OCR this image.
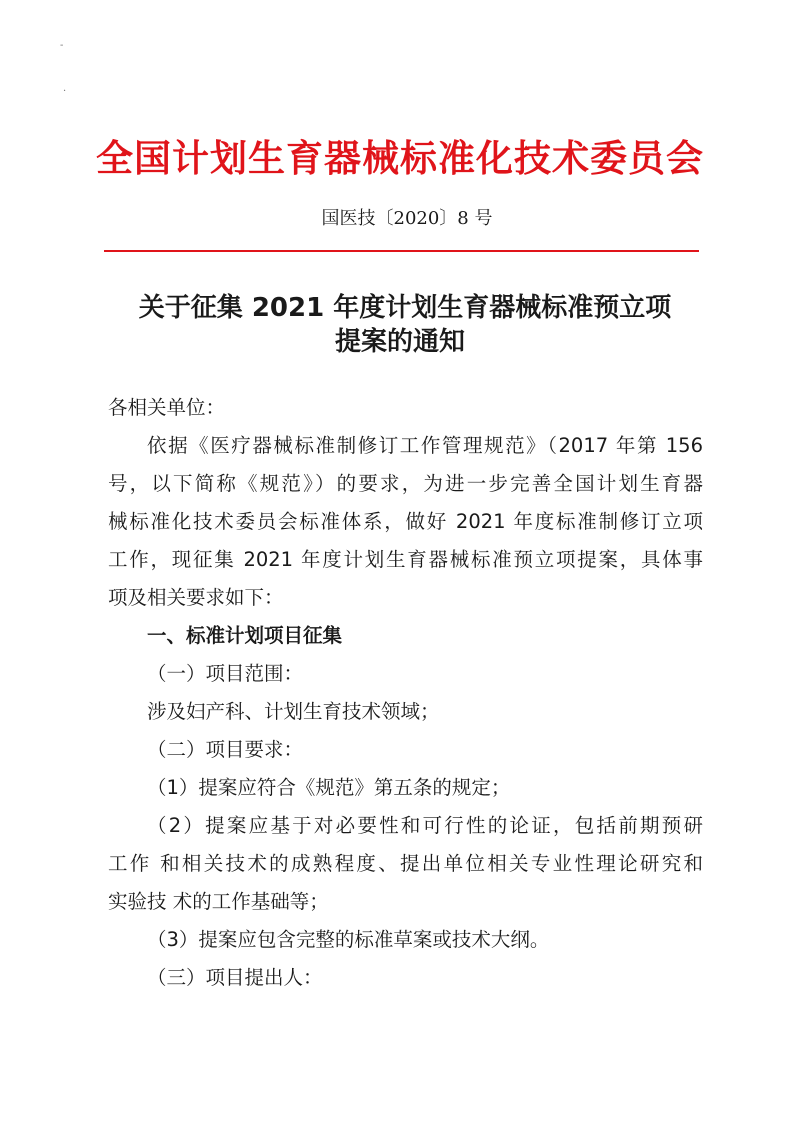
-
·
全国计划生育器械标准化技术委员会
国医技〔2020〕8 号
关于征集 2021 年度计划生育器械标准预立项
提案的通知
各相关单位：
依据《医疗器械标准制修订工作管理规范》（2017 年第 156
号，以下简称《规范》）的要求，为进一步完善全国计划生育器
械标准化技术委员会标准体系，做好 2021 年度标准制修订立项
工作，现征集 2021 年度计划生育器械标准预立项提案，具体事
项及相关要求如下：
一、标准计划项目征集
（一）项目范围：
涉及妇产科、计划生育技术领域；
（二）项目要求：
（1）提案应符合《规范》第五条的规定；
（2）提案应基于对必要性和可行性的论证，包括前期预研
工作 和相关技术的成熟程度、提出单位相关专业性理论研究和
实验技 术的工作基础等；
（3）提案应包含完整的标准草案或技术大纲。
（三）项目提出人：
